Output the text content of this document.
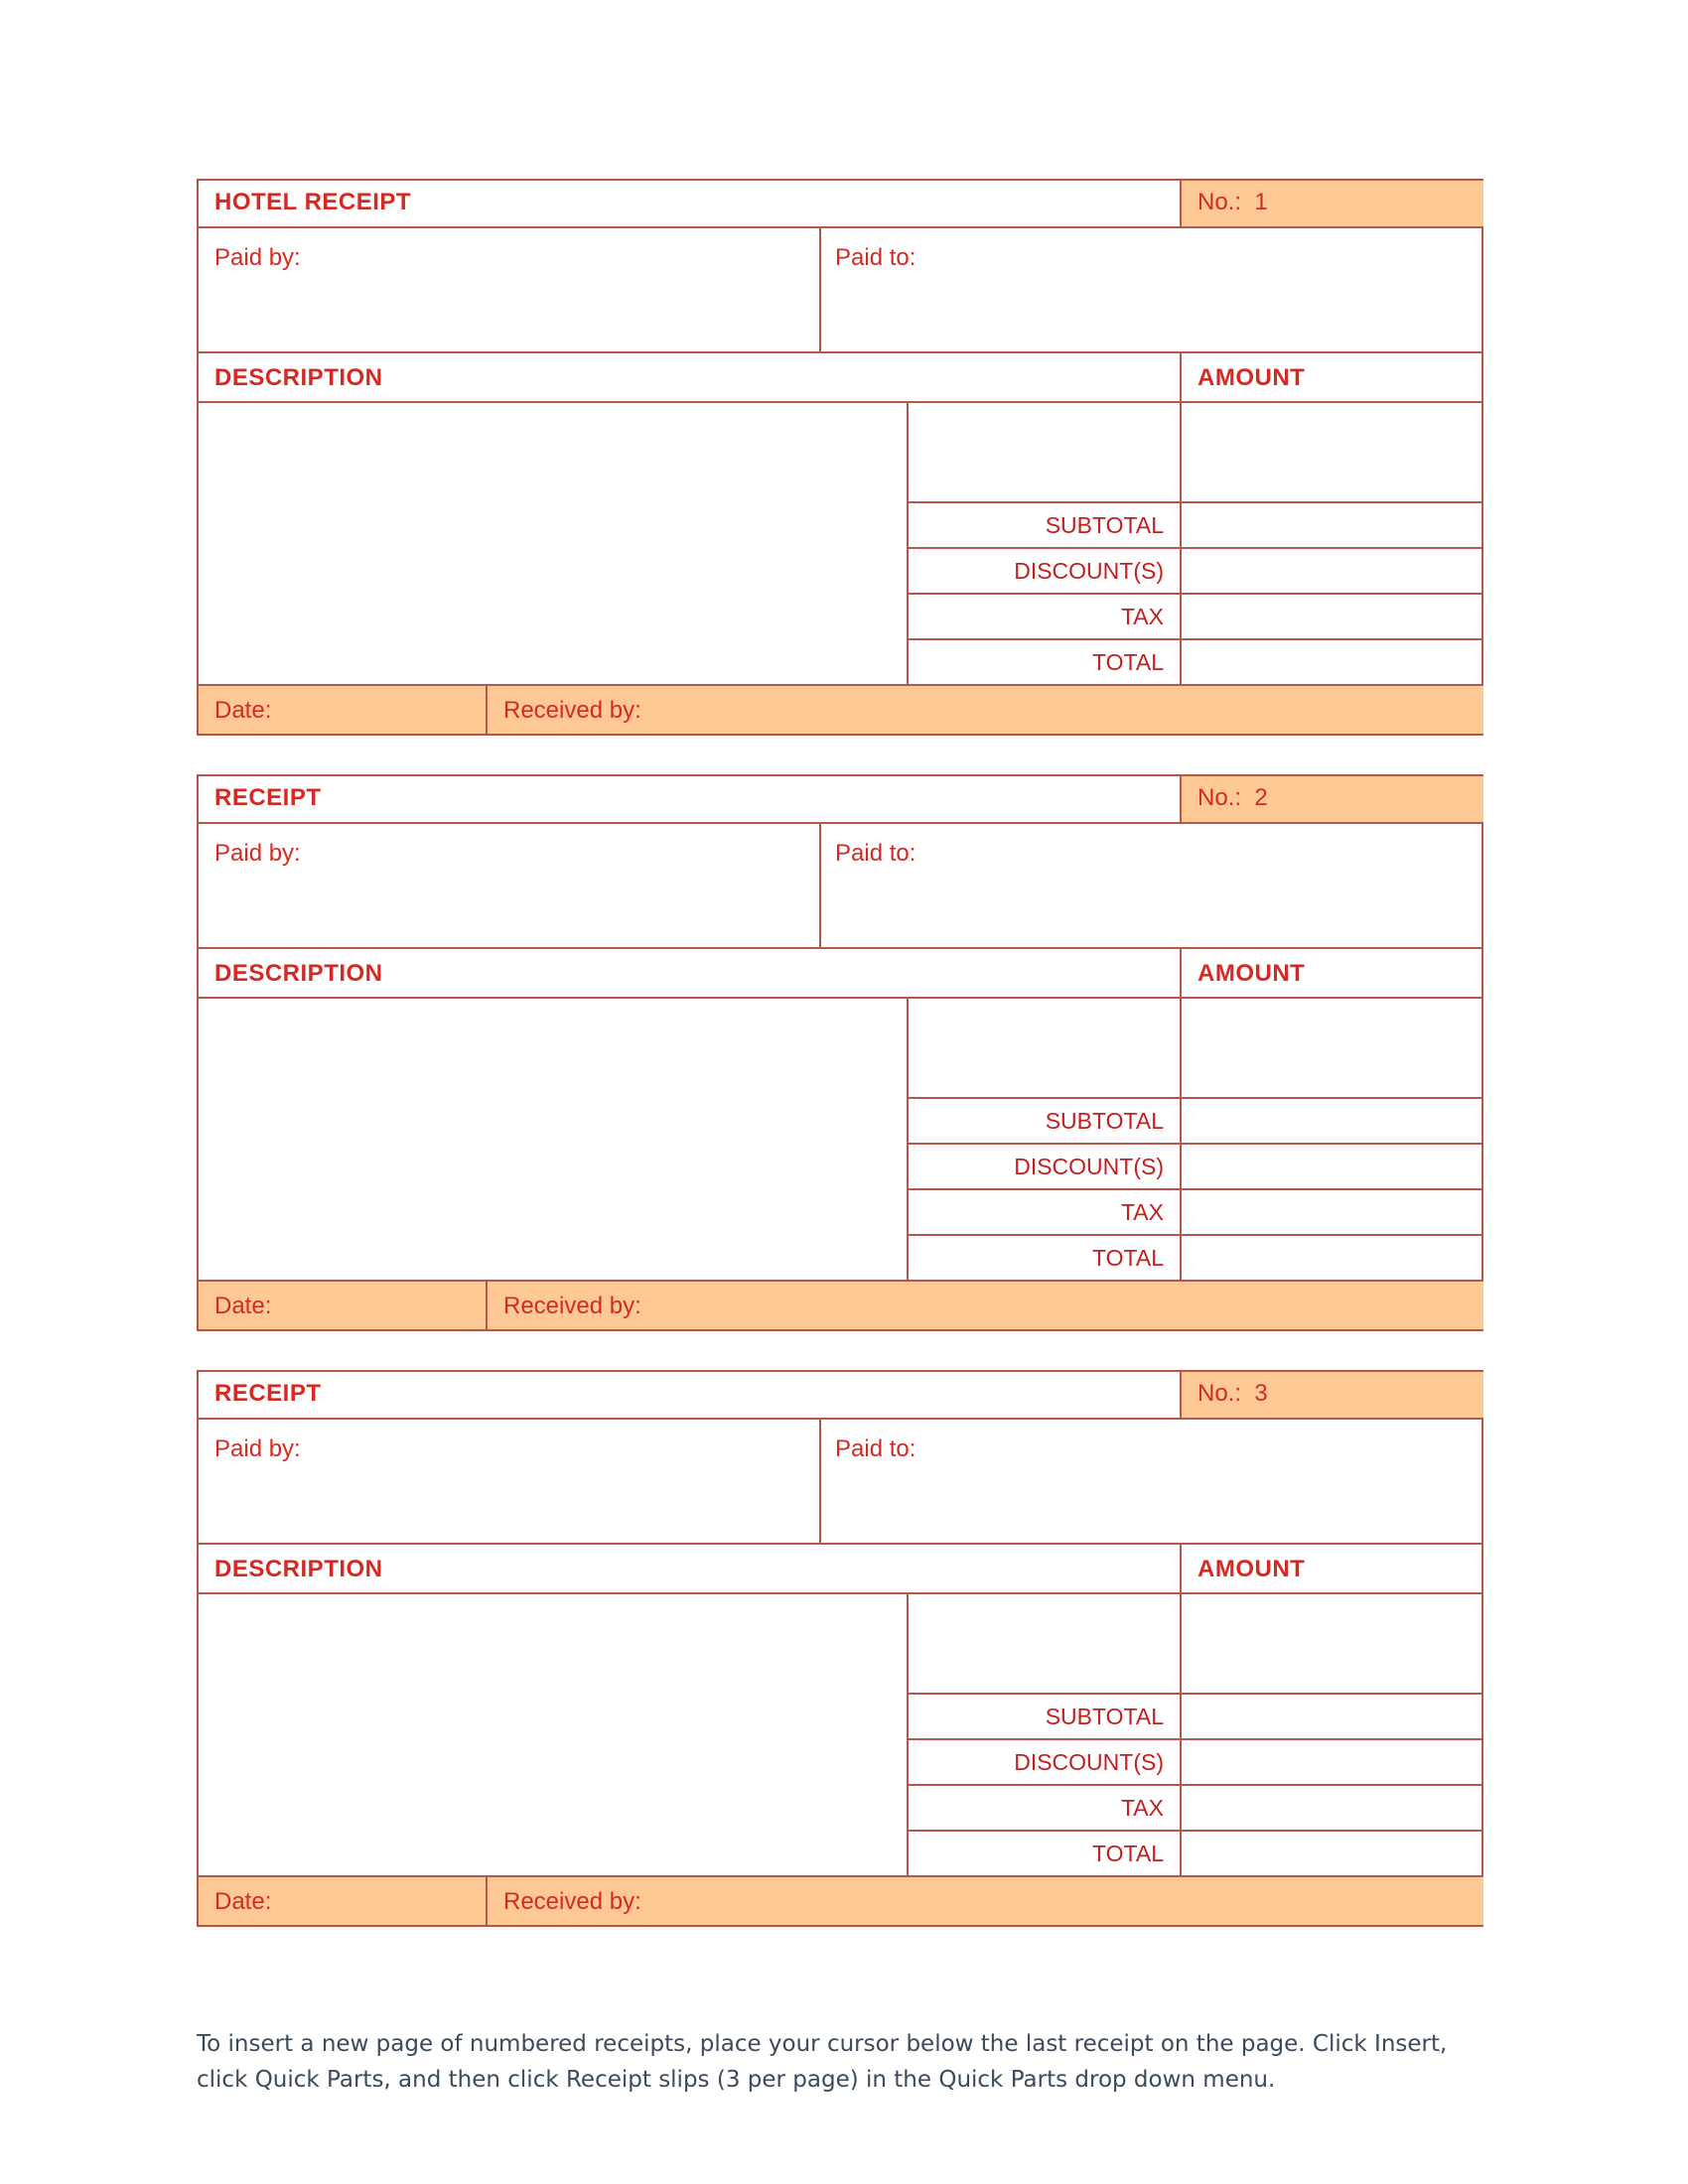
HOTEL RECEIPT	No.: 1
Paid by:	Paid to:
DESCRIPTION	AMOUNT
SUBTOTAL
DISCOUNT(S)
TAX
TOTAL
Date:	Received by:
RECEIPT	No.: 2
Paid by:	Paid to:
DESCRIPTION	AMOUNT
SUBTOTAL
DISCOUNT(S)
TAX
TOTAL
Date:	Received by:
RECEIPT	No.: 3
Paid by:	Paid to:
DESCRIPTION	AMOUNT
SUBTOTAL
DISCOUNT(S)
TAX
TOTAL
Date:	Received by:

To insert a new page of numbered receipts, place your cursor below the last receipt on the page. Click Insert, click Quick Parts, and then click Receipt slips (3 per page) in the Quick Parts drop down menu.
